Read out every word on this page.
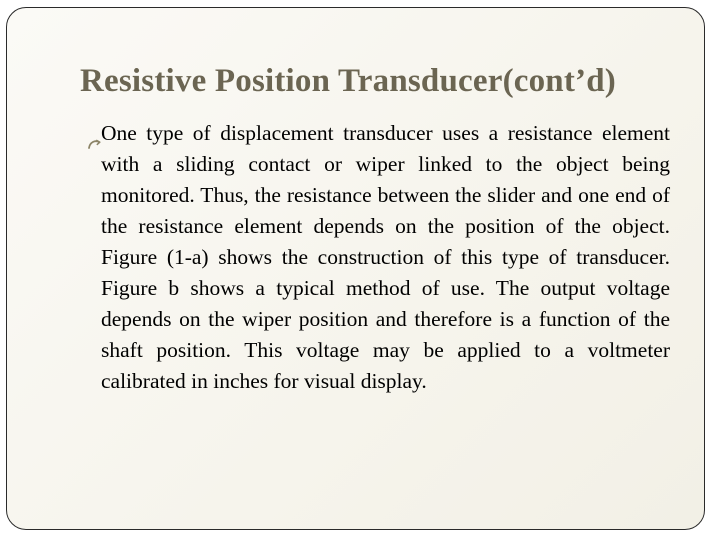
Resistive Position Transducer(cont’d)
One type of displacement transducer uses a resistance element with a sliding contact or wiper linked to the object being monitored. Thus, the resistance between the slider and one end of the resistance element depends on the position of the object. Figure (1-a) shows the construction of this type of transducer. Figure b shows a typical method of use. The output voltage depends on the wiper position and therefore is a function of the shaft position. This voltage may be applied to a voltmeter calibrated in inches for visual display.
